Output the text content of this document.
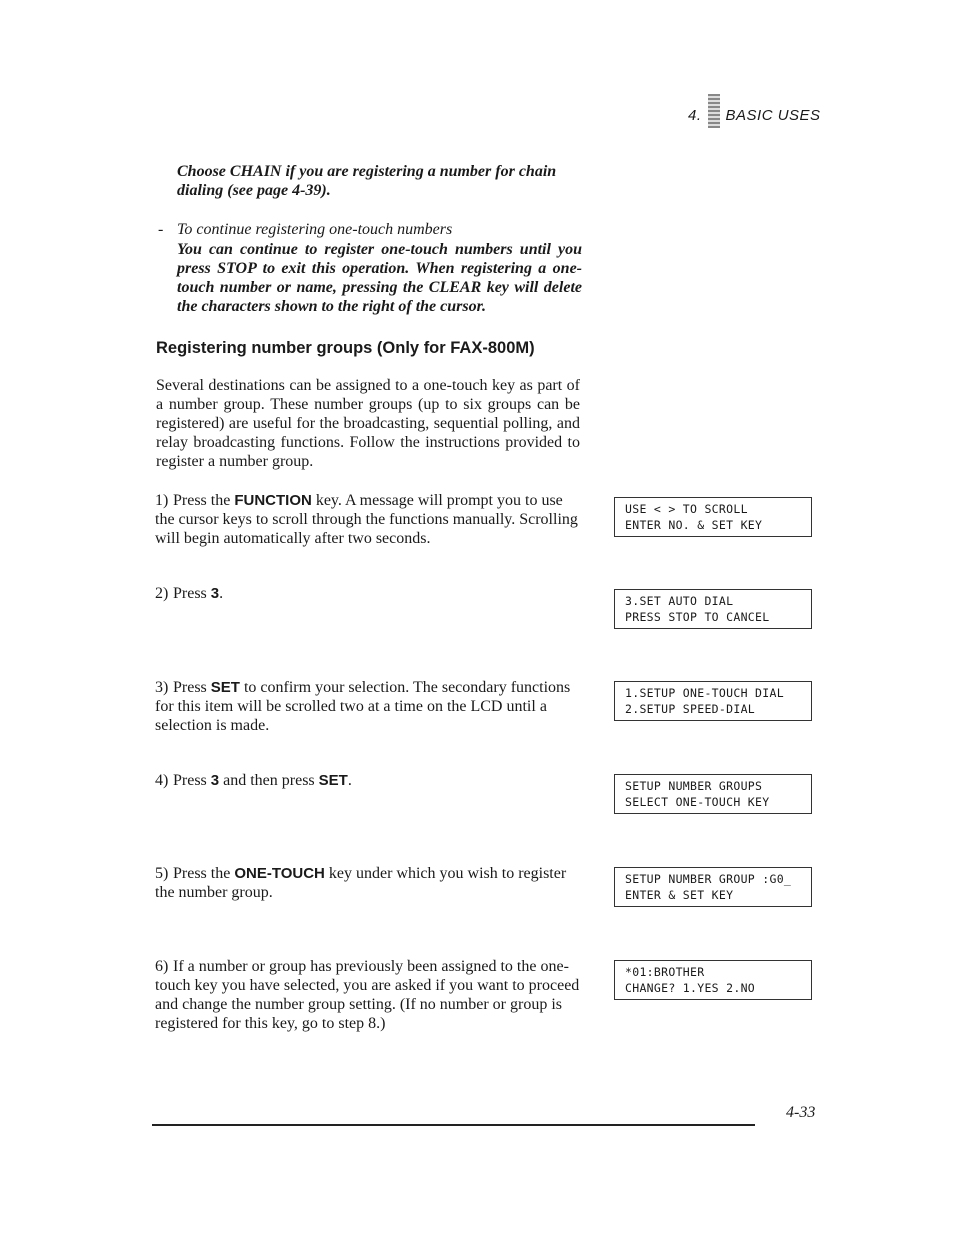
4. BASIC USES

Choose CHAIN if you are registering a number for chain

dialing (see page 4-39).

- To continue registering one-touch numbers
You can continue to register one-touch numbers until you press STOP to exit this operation. When registering a one-touch number or name, pressing the CLEAR key will delete the characters shown to the right of the cursor.
Registering number groups (Only for FAX-800M)
Several destinations can be assigned to a one-touch key as part of a number group. These number groups (up to six groups can be registered) are useful for the broadcasting, sequential polling, and relay broadcasting functions. Follow the instructions provided to register a number group.
1) Press the FUNCTION key. A message will prompt you to use the cursor keys to scroll through the functions manually. Scrolling will begin automatically after two seconds.
2) Press 3.
3) Press SET to confirm your selection. The secondary functions for this item will be scrolled two at a time on the LCD until a selection is made.
4) Press 3 and then press SET.
5) Press the ONE-TOUCH key under which you wish to register the number group.
6) If a number or group has previously been assigned to the one-touch key you have selected, you are asked if you want to proceed and change the number group setting. (If no number or group is registered for this key, go to step 8.)
USE < > TO SCROLL
ENTER NO. & SET KEY
3.SET AUTO DIAL
PRESS STOP TO CANCEL
1.SETUP ONE-TOUCH DIAL
2.SETUP SPEED-DIAL
SETUP NUMBER GROUPS
SELECT ONE-TOUCH KEY
SETUP NUMBER GROUP :G0_
ENTER & SET KEY
*01:BROTHER
CHANGE? 1.YES 2.NO
4-33
